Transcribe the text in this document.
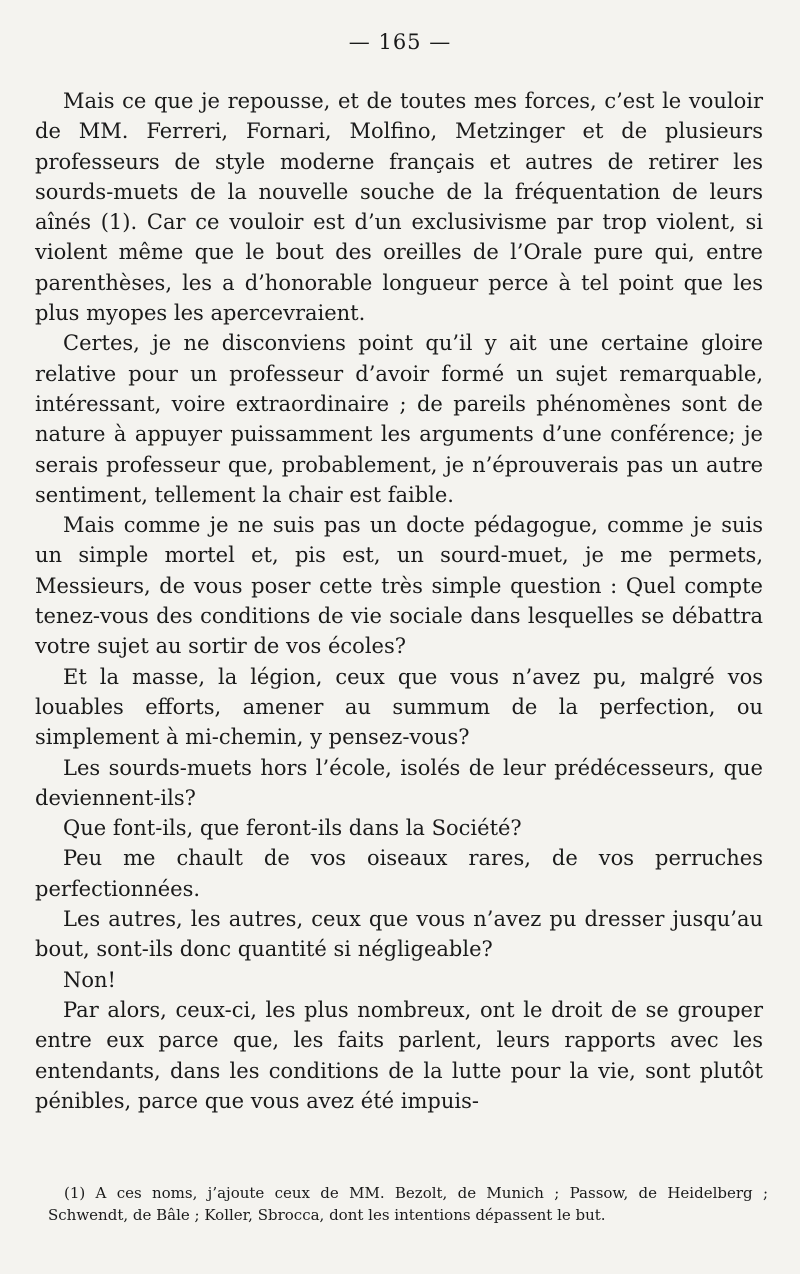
— 165 —

Mais ce que je repousse, et de toutes mes forces, c’est le vouloir de MM. Ferreri, Fornari, Molfino, Metzinger et de plusieurs professeurs de style moderne français et autres de retirer les sourds-muets de la nouvelle souche de la fréquentation de leurs aînés (1). Car ce vouloir est d’un exclusivisme par trop violent, si violent même que le bout des oreilles de l’Orale pure qui, entre parenthèses, les a d’honorable longueur perce à tel point que les plus myopes les apercevraient.

Certes, je ne disconviens point qu’il y ait une certaine gloire relative pour un professeur d’avoir formé un sujet remarquable, intéressant, voire extraordinaire ; de pareils phénomènes sont de nature à appuyer puissamment les arguments d’une conférence; je serais professeur que, probablement, je n’éprouverais pas un autre sentiment, tellement la chair est faible.

Mais comme je ne suis pas un docte pédagogue, comme je suis un simple mortel et, pis est, un sourd-muet, je me permets, Messieurs, de vous poser cette très simple question : Quel compte tenez-vous des conditions de vie sociale dans lesquelles se débattra votre sujet au sortir de vos écoles?

Et la masse, la légion, ceux que vous n’avez pu, malgré vos louables efforts, amener au summum de la perfection, ou simplement à mi-chemin, y pensez-vous?

Les sourds-muets hors l’école, isolés de leur prédécesseurs, que deviennent-ils?

Que font-ils, que feront-ils dans la Société?

Peu me chault de vos oiseaux rares, de vos perruches perfectionnées.

Les autres, les autres, ceux que vous n’avez pu dresser jusqu’au bout, sont-ils donc quantité si négligeable?

Non!

Par alors, ceux-ci, les plus nombreux, ont le droit de se grouper entre eux parce que, les faits parlent, leurs rapports avec les entendants, dans les conditions de la lutte pour la vie, sont plutôt pénibles, parce que vous avez été impuis-

(1) A ces noms, j’ajoute ceux de MM. Bezolt, de Munich ; Passow, de Heidelberg ; Schwendt, de Bâle ; Koller, Sbrocca, dont les intentions dépassent le but.
